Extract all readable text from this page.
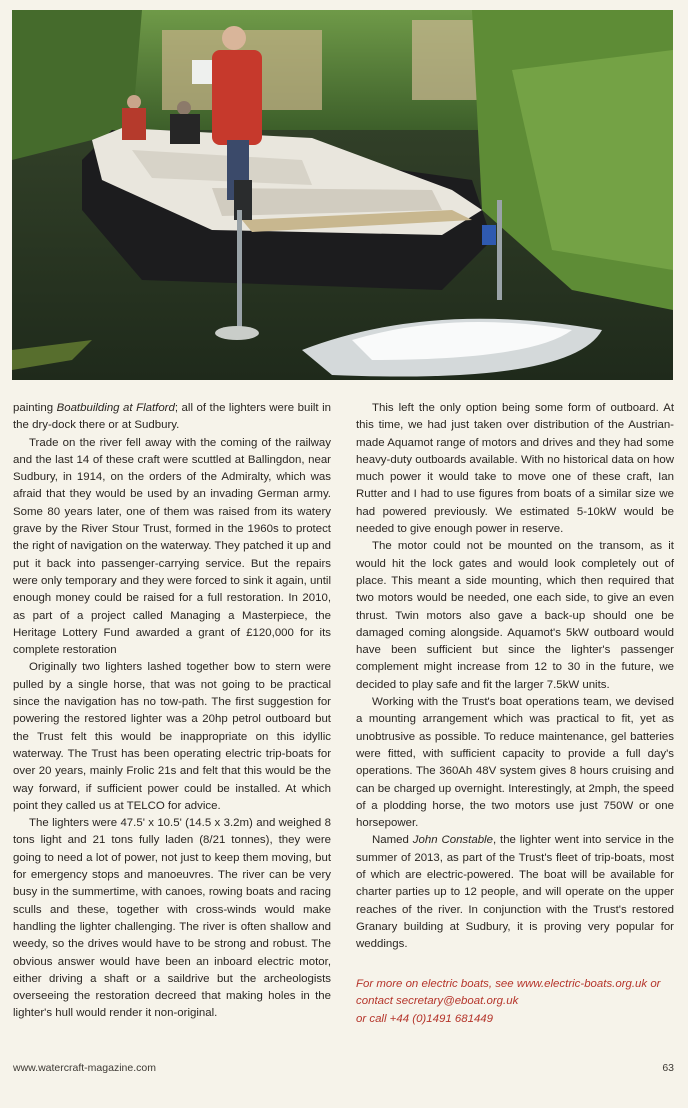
painting Boatbuilding at Flatford; all of the lighters were built in the dry-dock there or at Sudbury.

Trade on the river fell away with the coming of the railway and the last 14 of these craft were scuttled at Ballingdon, near Sudbury, in 1914, on the orders of the Admiralty, which was afraid that they would be used by an invading German army. Some 80 years later, one of them was raised from its watery grave by the River Stour Trust, formed in the 1960s to protect the right of navigation on the waterway. They patched it up and put it back into passenger-carrying service. But the repairs were only temporary and they were forced to sink it again, until enough money could be raised for a full restoration. In 2010, as part of a project called Managing a Masterpiece, the Heritage Lottery Fund awarded a grant of £120,000 for its complete restoration

Originally two lighters lashed together bow to stern were pulled by a single horse, that was not going to be practical since the navigation has no tow-path. The first suggestion for powering the restored lighter was a 20hp petrol outboard but the Trust felt this would be inappropriate on this idyllic waterway. The Trust has been operating electric trip-boats for over 20 years, mainly Frolic 21s and felt that this would be the way forward, if sufficient power could be installed. At which point they called us at TELCO for advice.

The lighters were 47.5' x 10.5' (14.5 x 3.2m) and weighed 8 tons light and 21 tons fully laden (8/21 tonnes), they were going to need a lot of power, not just to keep them moving, but for emergency stops and manoeuvres. The river can be very busy in the summertime, with canoes, rowing boats and racing sculls and these, together with cross-winds would make handling the lighter challenging. The river is often shallow and weedy, so the drives would have to be strong and robust. The obvious answer would have been an inboard electric motor, either driving a shaft or a saildrive but the archeologists overseeing the restoration decreed that making holes in the lighter's hull would render it non-original.

This left the only option being some form of outboard. At this time, we had just taken over distribution of the Austrian-made Aquamot range of motors and drives and they had some heavy-duty outboards available. With no historical data on how much power it would take to move one of these craft, Ian Rutter and I had to use figures from boats of a similar size we had powered previously. We estimated 5-10kW would be needed to give enough power in reserve.

The motor could not be mounted on the transom, as it would hit the lock gates and would look completely out of place. This meant a side mounting, which then required that two motors would be needed, one each side, to give an even thrust. Twin motors also gave a back-up should one be damaged coming alongside. Aquamot's 5kW outboard would have been sufficient but since the lighter's passenger complement might increase from 12 to 30 in the future, we decided to play safe and fit the larger 7.5kW units.

Working with the Trust's boat operations team, we devised a mounting arrangement which was practical to fit, yet as unobtrusive as possible. To reduce maintenance, gel batteries were fitted, with sufficient capacity to provide a full day's operations. The 360Ah 48V system gives 8 hours cruising and can be charged up overnight. Interestingly, at 2mph, the speed of a plodding horse, the two motors use just 750W or one horsepower.

Named John Constable, the lighter went into service in the summer of 2013, as part of the Trust's fleet of trip-boats, most of which are electric-powered. The boat will be available for charter parties up to 12 people, and will operate on the upper reaches of the river. In conjunction with the Trust's restored Granary building at Sudbury, it is proving very popular for weddings.

For more on electric boats, see www.electric-boats.org.uk or
contact secretary@eboat.org.uk
or call +44 (0)1491 681449
www.watercraft-magazine.com	63
